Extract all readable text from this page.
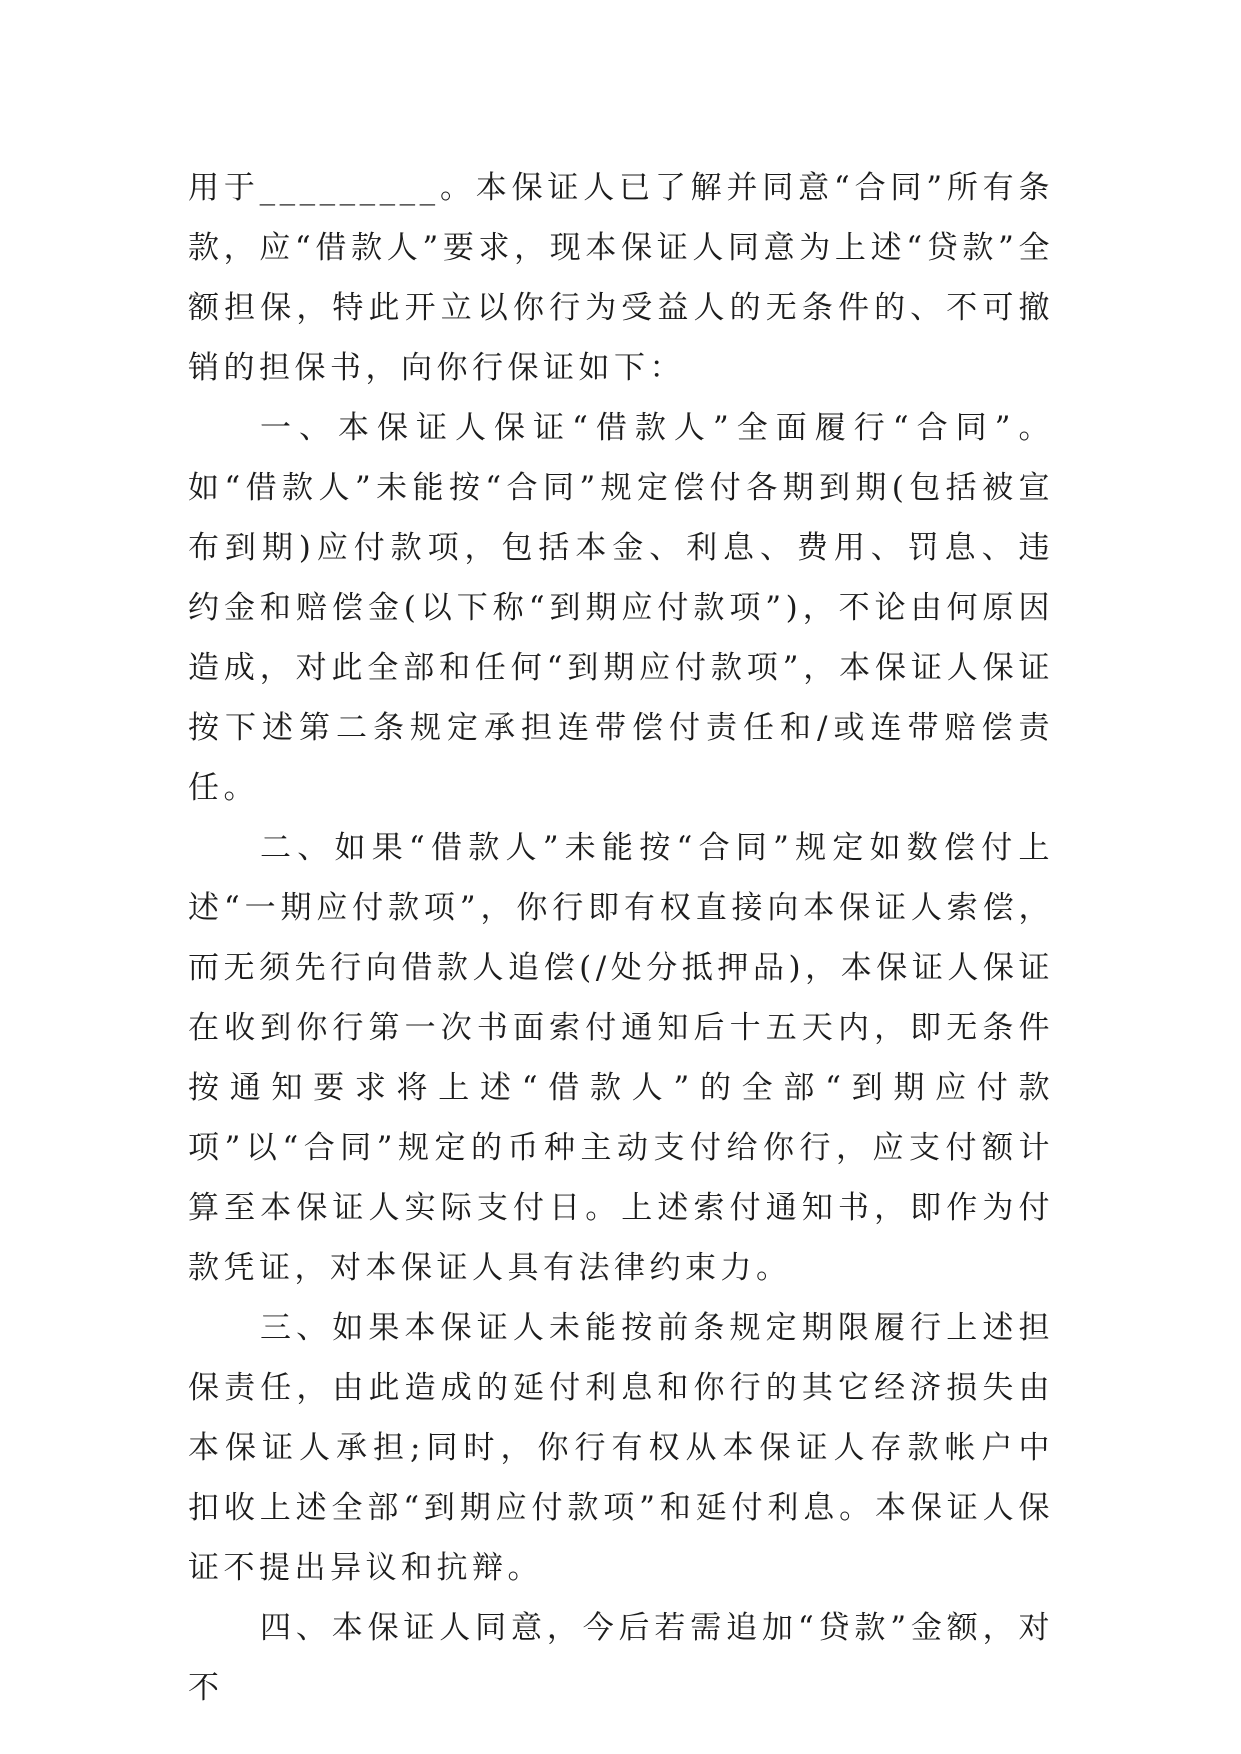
用于_________。本保证人已了解并同意“合同”所有条款，应“借款人”要求，现本保证人同意为上述“贷款”全额担保，特此开立以你行为受益人的无条件的、不可撤销的担保书，向你行保证如下：

一、本保证人保证“借款人”全面履行“合同”。如“借款人”未能按“合同”规定偿付各期到期(包括被宣布到期)应付款项，包括本金、利息、费用、罚息、违约金和赔偿金(以下称“到期应付款项”)，不论由何原因造成，对此全部和任何“到期应付款项”，本保证人保证按下述第二条规定承担连带偿付责任和/或连带赔偿责任。

二、如果“借款人”未能按“合同”规定如数偿付上述“一期应付款项”，你行即有权直接向本保证人索偿，而无须先行向借款人追偿(/处分抵押品)，本保证人保证在收到你行第一次书面索付通知后十五天内，即无条件按通知要求将上述“借款人”的全部“到期应付款项”以“合同”规定的币种主动支付给你行，应支付额计算至本保证人实际支付日。上述索付通知书，即作为付款凭证，对本保证人具有法律约束力。

三、如果本保证人未能按前条规定期限履行上述担保责任，由此造成的延付利息和你行的其它经济损失由本保证人承担;同时，你行有权从本保证人存款帐户中扣收上述全部“到期应付款项”和延付利息。本保证人保证不提出异议和抗辩。

四、本保证人同意，今后若需追加“贷款”金额，对不
